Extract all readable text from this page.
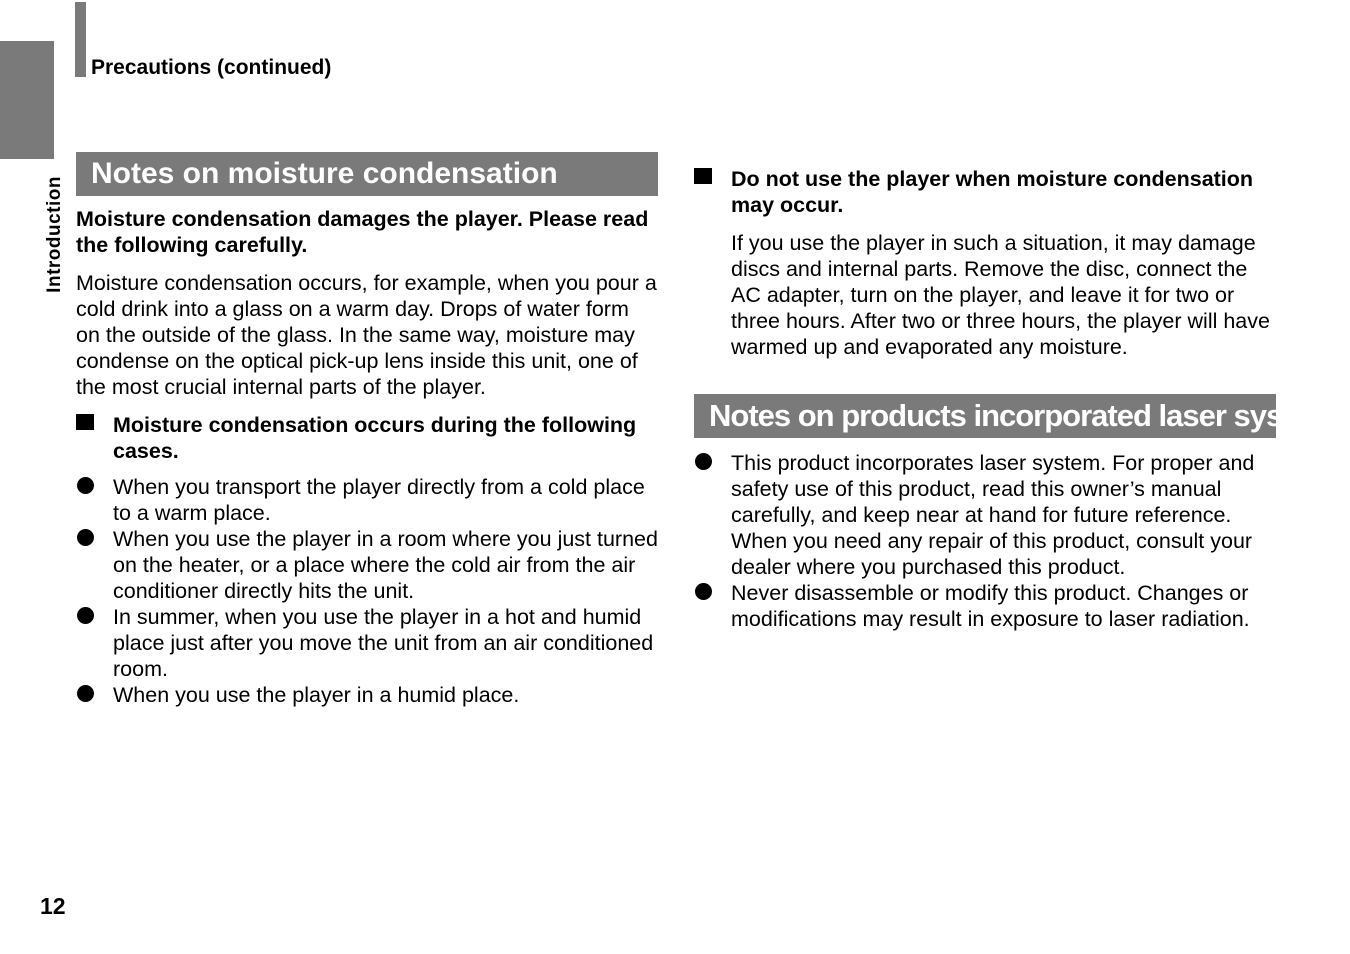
Introduction
Precautions (continued)
Notes on moisture condensation
Moisture condensation damages the player. Please read the following carefully.
Moisture condensation occurs, for example, when you pour a cold drink into a glass on a warm day. Drops of water form on the outside of the glass. In the same way, moisture may condense on the optical pick-up lens inside this unit, one of the most crucial internal parts of the player.
Moisture condensation occurs during the following cases.
When you transport the player directly from a cold place to a warm place.
When you use the player in a room where you just turned on the heater, or a place where the cold air from the air conditioner directly hits the unit.
In summer, when you use the player in a hot and humid place just after you move the unit from an air conditioned room.
When you use the player in a humid place.
Do not use the player when moisture condensation may occur.
If you use the player in such a situation, it may damage discs and internal parts. Remove the disc, connect the AC adapter, turn on the player, and leave it for two or three hours. After two or three hours, the player will have warmed up and evaporated any moisture.
Notes on products incorporated laser system
This product incorporates laser system. For proper and safety use of this product, read this owner’s manual carefully, and keep near at hand for future reference.
When you need any repair of this product, consult your dealer where you purchased this product.
Never disassemble or modify this product. Changes or modifications may result in exposure to laser radiation.
12
